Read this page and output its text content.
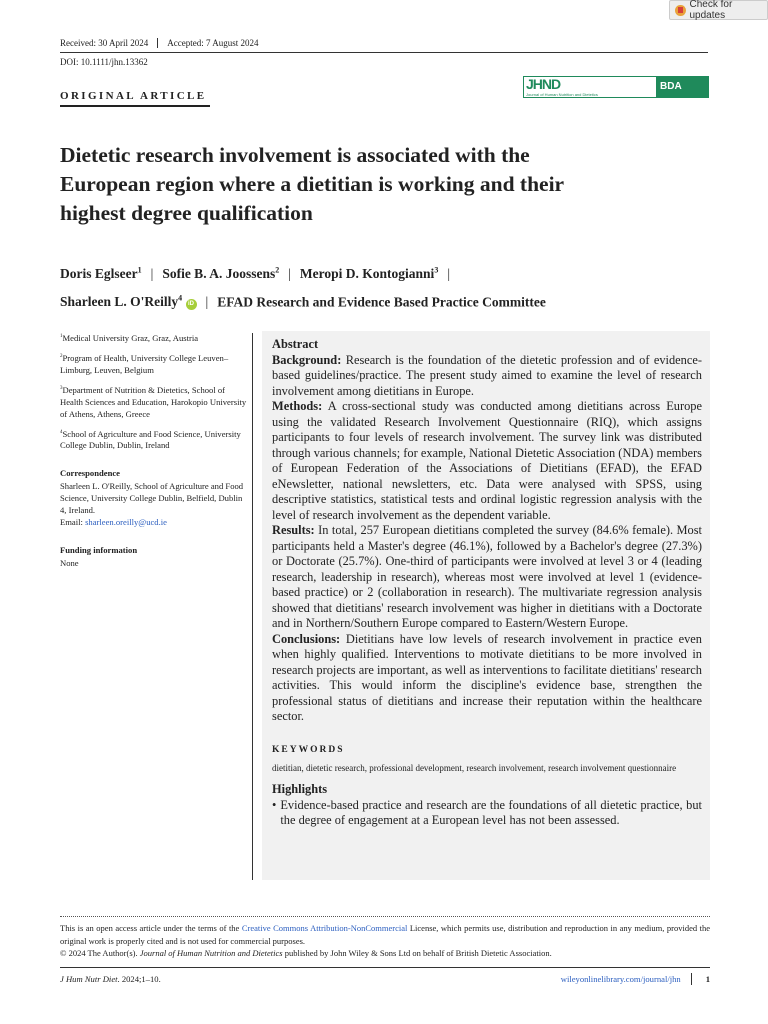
Check for updates
Received: 30 April 2024	Accepted: 7 August 2024
DOI: 10.1111/jhn.13362
ORIGINAL ARTICLE
JHND
Journal of Human Nutrition and Dietetics
BDA
Dietetic research involvement is associated with the European region where a dietitian is working and their highest degree qualification
Doris Eglseer$^1$ | Sofie B. A. Joossens$^2$ | Meropi D. Kontogianni$^3$ |
Sharleen L. O'Reilly$^4$ iD | EFAD Research and Evidence Based Practice Committee

$^1$Medical University Graz, Graz, Austria

$^2$Program of Health, University College Leuven–Limburg, Leuven, Belgium

$^3$Department of Nutrition & Dietetics, School of Health Sciences and Education, Harokopio University of Athens, Athens, Greece

$^4$School of Agriculture and Food Science, University College Dublin, Dublin, Ireland

Correspondence
Sharleen L. O'Reilly, School of Agriculture and Food Science, University College Dublin, Belfield, Dublin 4, Ireland.
Email: sharleen.oreilly@ucd.ie
Funding information
None
Abstract

Background: Research is the foundation of the dietetic profession and of evidence-based guidelines/practice. The present study aimed to examine the level of research involvement among dietitians in Europe.

Methods: A cross-sectional study was conducted among dietitians across Europe using the validated Research Involvement Questionnaire (RIQ), which assigns participants to four levels of research involvement. The survey link was distributed through various channels; for example, National Dietetic Association (NDA) members of European Federation of the Associations of Dietitians (EFAD), the EFAD eNewsletter, national newsletters, etc. Data were analysed with SPSS, using descriptive statistics, statistical tests and ordinal logistic regression analysis with the level of research involvement as the dependent variable.

Results: In total, 257 European dietitians completed the survey (84.6% female). Most participants held a Master's degree (46.1%), followed by a Bachelor's degree (27.3%) or Doctorate (25.7%). One-third of participants were involved at level 3 or 4 (leading research, leadership in research), whereas most were involved at level 1 (evidence-based practice) or 2 (collaboration in research). The multivariate regression analysis showed that dietitians' research involvement was higher in dietitians with a Doctorate and in Northern/Southern Europe compared to Eastern/Western Europe.

Conclusions: Dietitians have low levels of research involvement in practice even when highly qualified. Interventions to motivate dietitians to be more involved in research projects are important, as well as interventions to facilitate dietitians' research activities. This would inform the discipline's evidence base, strengthen the professional status of dietitians and increase their reputation within the healthcare sector.

KEYWORDS
dietitian, dietetic research, professional development, research involvement, research involvement questionnaire
Highlights
• Evidence-based practice and research are the foundations of all dietetic practice, but the degree of engagement at a European level has not been assessed.
This is an open access article under the terms of the Creative Commons Attribution-NonCommercial License, which permits use, distribution and reproduction in any medium, provided the original work is properly cited and is not used for commercial purposes.
© 2024 The Author(s). Journal of Human Nutrition and Dietetics published by John Wiley & Sons Ltd on behalf of British Dietetic Association.
J Hum Nutr Diet. 2024;1–10.	wileyonlinelibrary.com/journal/jhn	1
